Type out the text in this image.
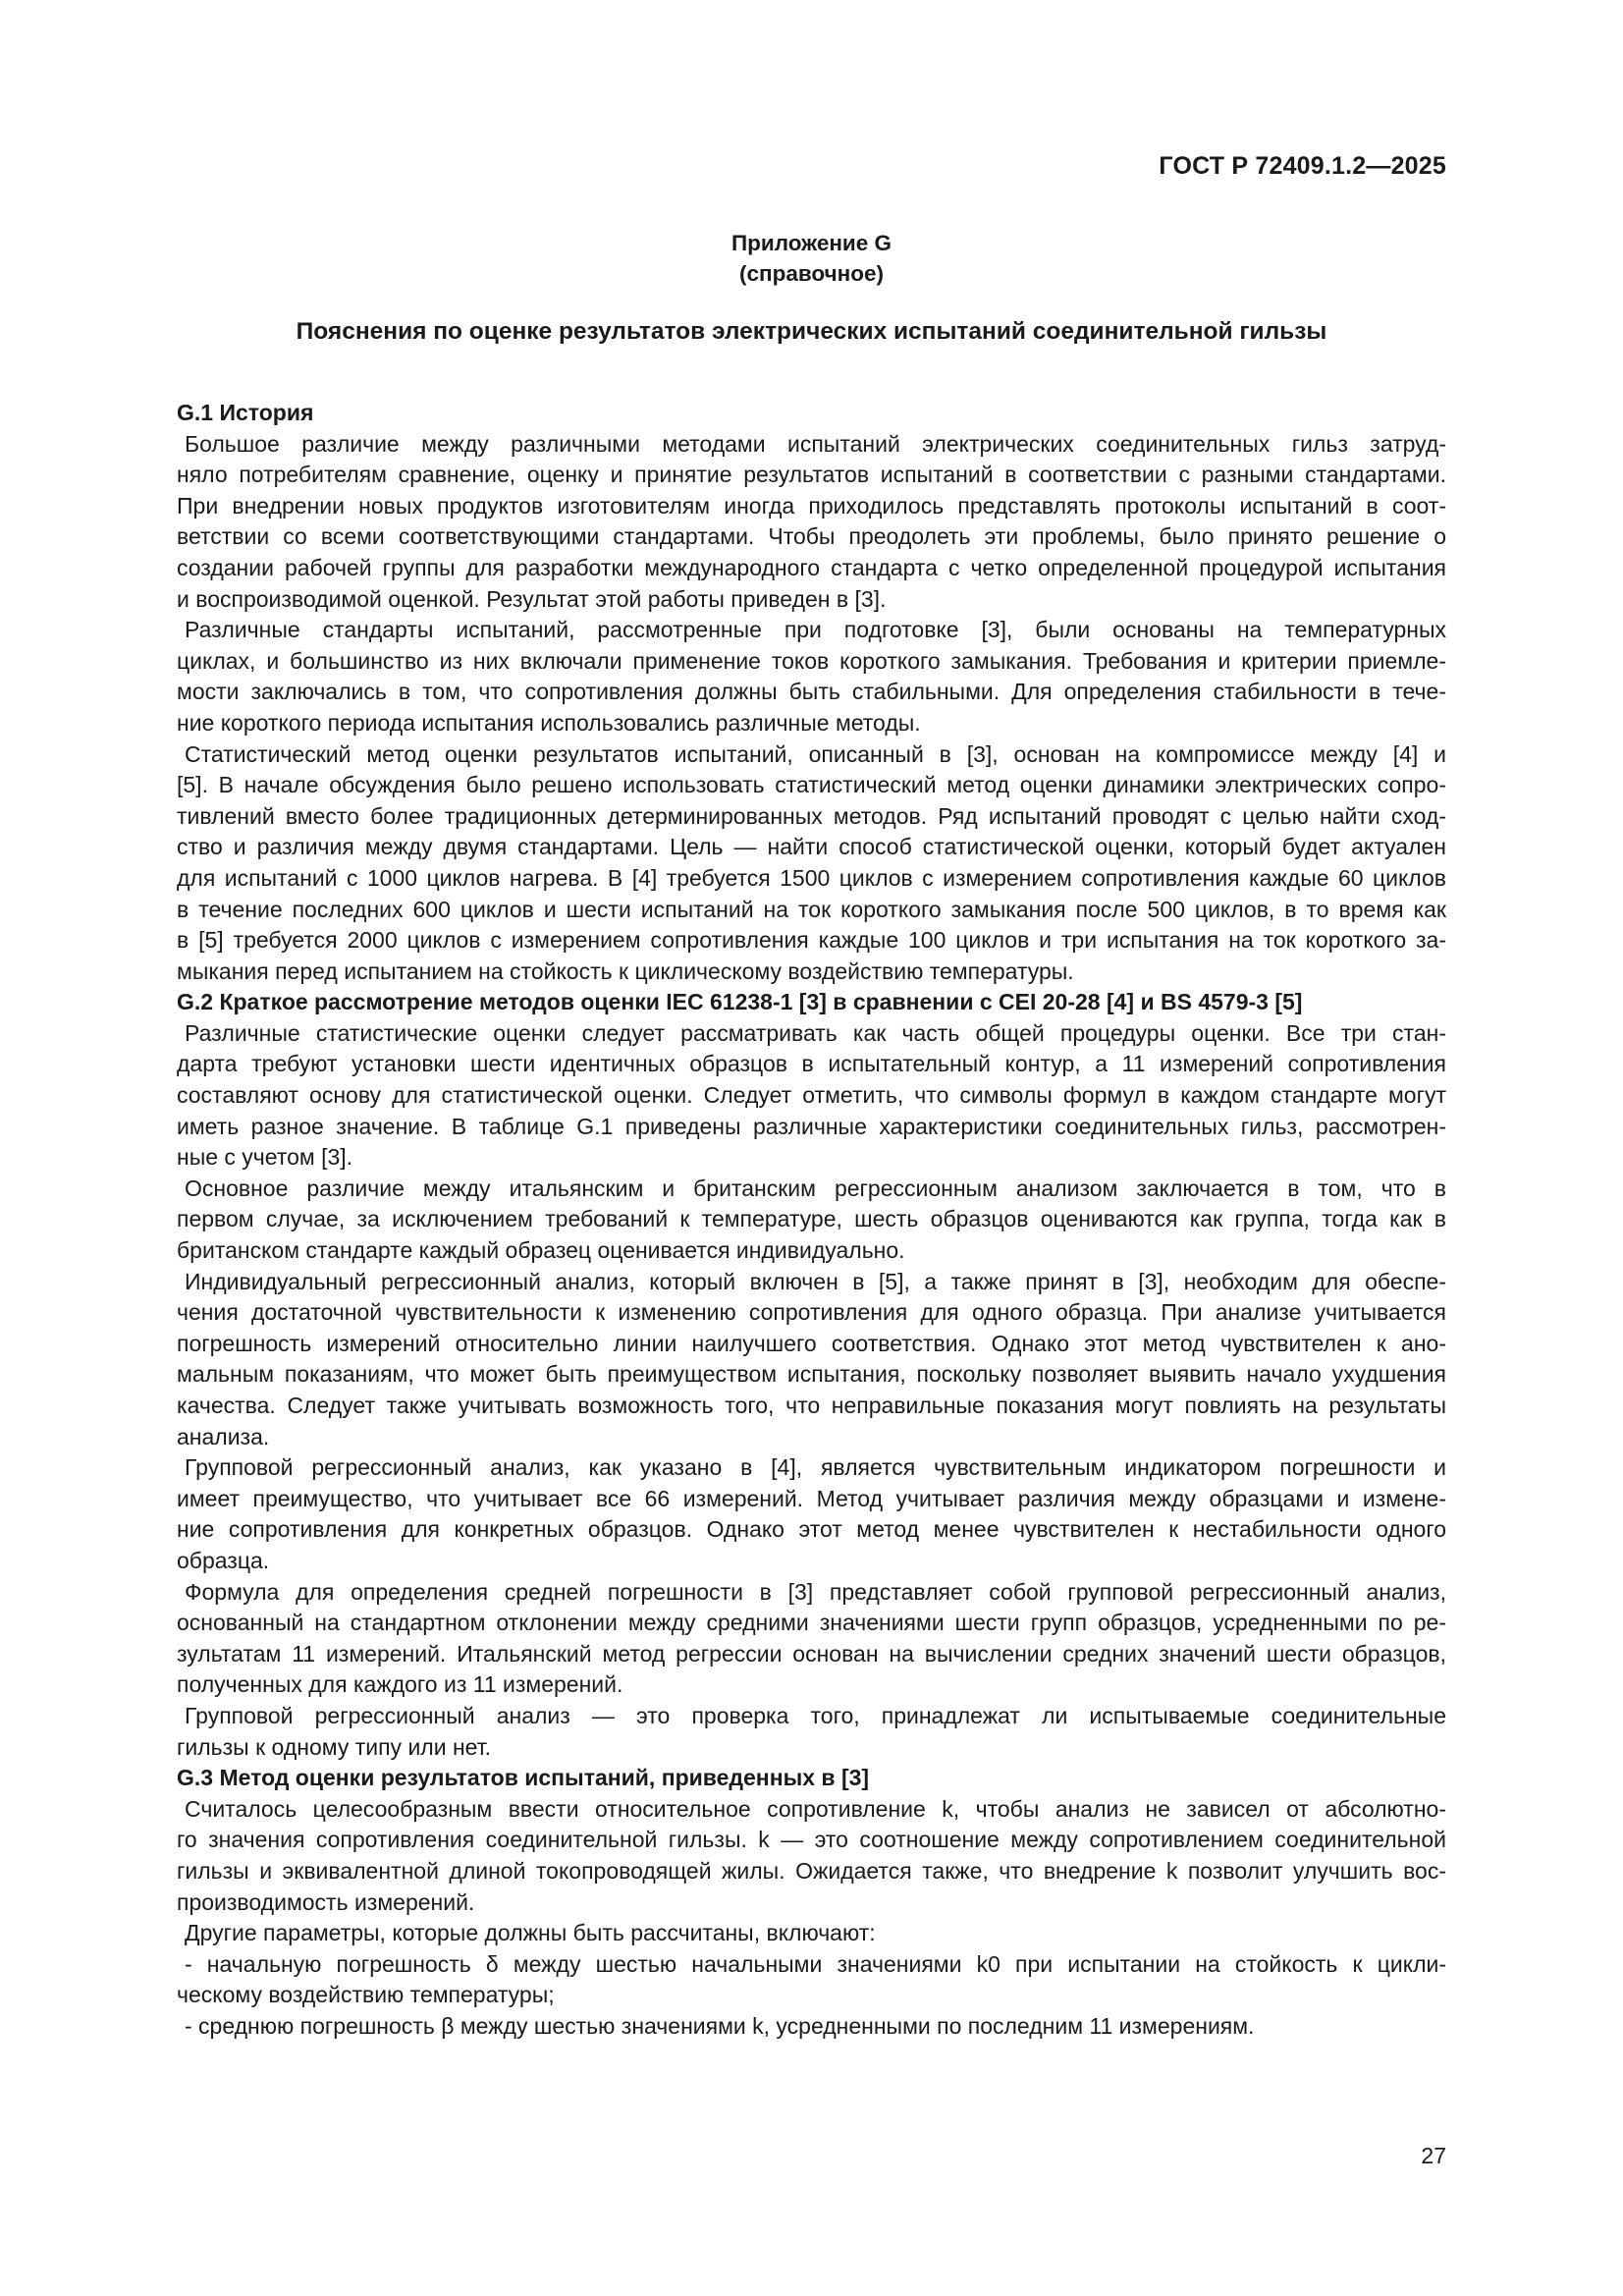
ГОСТ Р 72409.1.2—2025
Приложение G
(справочное)
Пояснения по оценке результатов электрических испытаний соединительной гильзы
G.1 История
Большое различие между различными методами испытаний электрических соединительных гильз затруд-
няло потребителям сравнение, оценку и принятие результатов испытаний в соответствии с разными стандартами.
При внедрении новых продуктов изготовителям иногда приходилось представлять протоколы испытаний в соот-
ветствии со всеми соответствующими стандартами. Чтобы преодолеть эти проблемы, было принято решение о
создании рабочей группы для разработки международного стандарта с четко определенной процедурой испытания
и воспроизводимой оценкой. Результат этой работы приведен в [3].
Различные стандарты испытаний, рассмотренные при подготовке [3], были основаны на температурных
циклах, и большинство из них включали применение токов короткого замыкания. Требования и критерии приемле-
мости заключались в том, что сопротивления должны быть стабильными. Для определения стабильности в тече-
ние короткого периода испытания использовались различные методы.
Статистический метод оценки результатов испытаний, описанный в [3], основан на компромиссе между [4] и
[5]. В начале обсуждения было решено использовать статистический метод оценки динамики электрических сопро-
тивлений вместо более традиционных детерминированных методов. Ряд испытаний проводят с целью найти сход-
ство и различия между двумя стандартами. Цель — найти способ статистической оценки, который будет актуален
для испытаний с 1000 циклов нагрева. В [4] требуется 1500 циклов с измерением сопротивления каждые 60 циклов
в течение последних 600 циклов и шести испытаний на ток короткого замыкания после 500 циклов, в то время как
в [5] требуется 2000 циклов с измерением сопротивления каждые 100 циклов и три испытания на ток короткого за-
мыкания перед испытанием на стойкость к циклическому воздействию температуры.
G.2 Краткое рассмотрение методов оценки IEC 61238-1 [3] в сравнении с CEI 20-28 [4] и BS 4579-3 [5]
Различные статистические оценки следует рассматривать как часть общей процедуры оценки. Все три стан-
дарта требуют установки шести идентичных образцов в испытательный контур, а 11 измерений сопротивления
составляют основу для статистической оценки. Следует отметить, что символы формул в каждом стандарте могут
иметь разное значение. В таблице G.1 приведены различные характеристики соединительных гильз, рассмотрен-
ные с учетом [3].
Основное различие между итальянским и британским регрессионным анализом заключается в том, что в
первом случае, за исключением требований к температуре, шесть образцов оцениваются как группа, тогда как в
британском стандарте каждый образец оценивается индивидуально.
Индивидуальный регрессионный анализ, который включен в [5], а также принят в [3], необходим для обеспе-
чения достаточной чувствительности к изменению сопротивления для одного образца. При анализе учитывается
погрешность измерений относительно линии наилучшего соответствия. Однако этот метод чувствителен к ано-
мальным показаниям, что может быть преимуществом испытания, поскольку позволяет выявить начало ухудшения
качества. Следует также учитывать возможность того, что неправильные показания могут повлиять на результаты
анализа.
Групповой регрессионный анализ, как указано в [4], является чувствительным индикатором погрешности и
имеет преимущество, что учитывает все 66 измерений. Метод учитывает различия между образцами и измене-
ние сопротивления для конкретных образцов. Однако этот метод менее чувствителен к нестабильности одного
образца.
Формула для определения средней погрешности в [3] представляет собой групповой регрессионный анализ,
основанный на стандартном отклонении между средними значениями шести групп образцов, усредненными по ре-
зультатам 11 измерений. Итальянский метод регрессии основан на вычислении средних значений шести образцов,
полученных для каждого из 11 измерений.
Групповой регрессионный анализ — это проверка того, принадлежат ли испытываемые соединительные
гильзы к одному типу или нет.
G.3 Метод оценки результатов испытаний, приведенных в [3]
Считалось целесообразным ввести относительное сопротивление k, чтобы анализ не зависел от абсолютно-
го значения сопротивления соединительной гильзы. k — это соотношение между сопротивлением соединительной
гильзы и эквивалентной длиной токопроводящей жилы. Ожидается также, что внедрение k позволит улучшить вос-
производимость измерений.
Другие параметры, которые должны быть рассчитаны, включают:
- начальную погрешность δ между шестью начальными значениями k0 при испытании на стойкость к цикли-
ческому воздействию температуры;
- среднюю погрешность β между шестью значениями k, усредненными по последним 11 измерениям.
27
